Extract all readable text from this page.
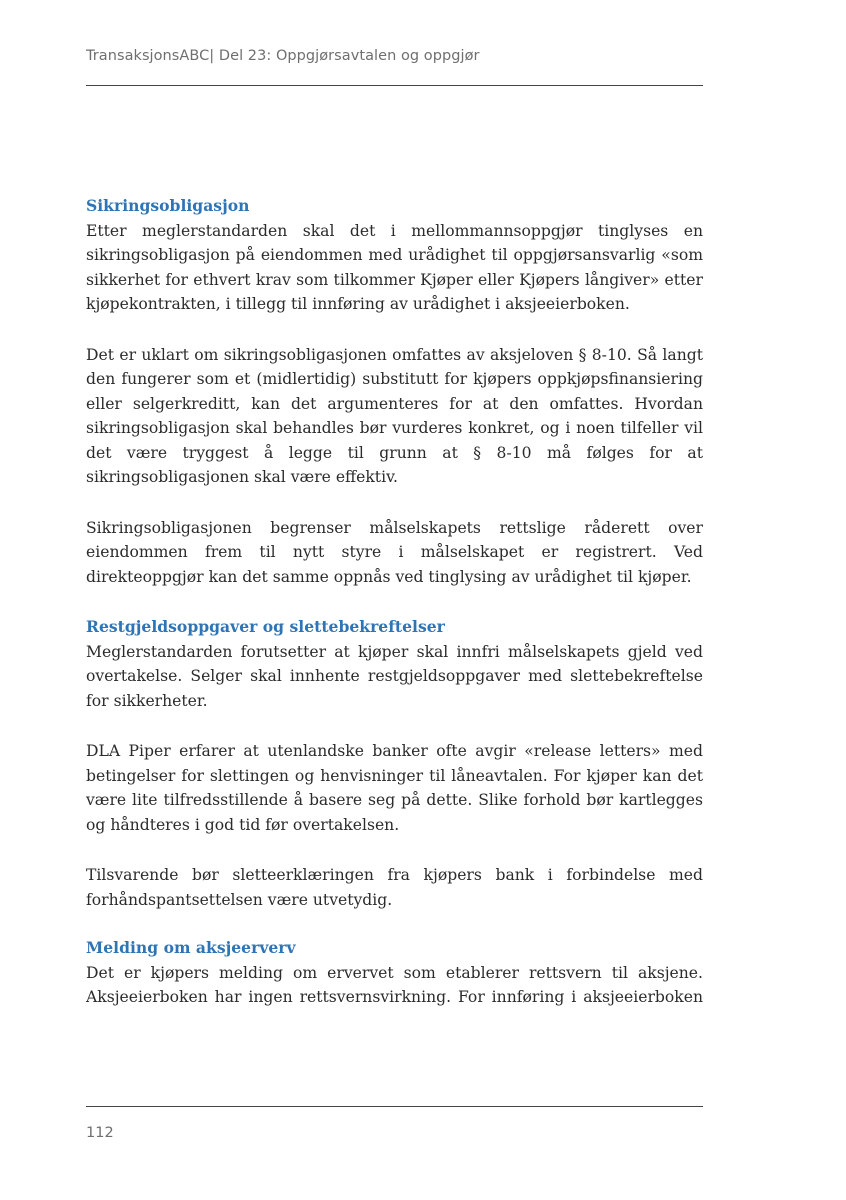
TransaksjonsABC| Del 23: Oppgjørsavtalen og oppgjør
Sikringsobligasjon

Etter meglerstandarden skal det i mellommannsoppgjør tinglyses en sikringsobligasjon på eiendommen med urådighet til oppgjørsansvarlig «som sikkerhet for ethvert krav som tilkommer Kjøper eller Kjøpers långiver» etter kjøpekontrakten, i tillegg til innføring av urådighet i aksjeeierboken.

Det er uklart om sikringsobligasjonen omfattes av aksjeloven § 8-10. Så langt den fungerer som et (midlertidig) substitutt for kjøpers oppkjøpsfinansiering eller selgerkreditt, kan det argumenteres for at den omfattes. Hvordan sikringsobligasjon skal behandles bør vurderes konkret, og i noen tilfeller vil det være tryggest å legge til grunn at § 8-10 må følges for at sikringsobligasjonen skal være effektiv.

Sikringsobligasjonen begrenser målselskapets rettslige råderett over eiendommen frem til nytt styre i målselskapet er registrert. Ved direkteoppgjør kan det samme oppnås ved tinglysing av urådighet til kjøper.

Restgjeldsoppgaver og slettebekreftelser

Meglerstandarden forutsetter at kjøper skal innfri målselskapets gjeld ved overtakelse. Selger skal innhente restgjeldsoppgaver med slettebekreftelse for sikkerheter.

DLA Piper erfarer at utenlandske banker ofte avgir «release letters» med betingelser for slettingen og henvisninger til låneavtalen. For kjøper kan det være lite tilfredsstillende å basere seg på dette. Slike forhold bør kartlegges og håndteres i god tid før overtakelsen.

Tilsvarende bør sletteerklæringen fra kjøpers bank i forbindelse med forhåndspantsettelsen være utvetydig.

Melding om aksjeerverv

Det er kjøpers melding om ervervet som etablerer rettsvern til aksjene. Aksjeeierboken har ingen rettsvernsvirkning. For innføring i aksjeeierboken

112
